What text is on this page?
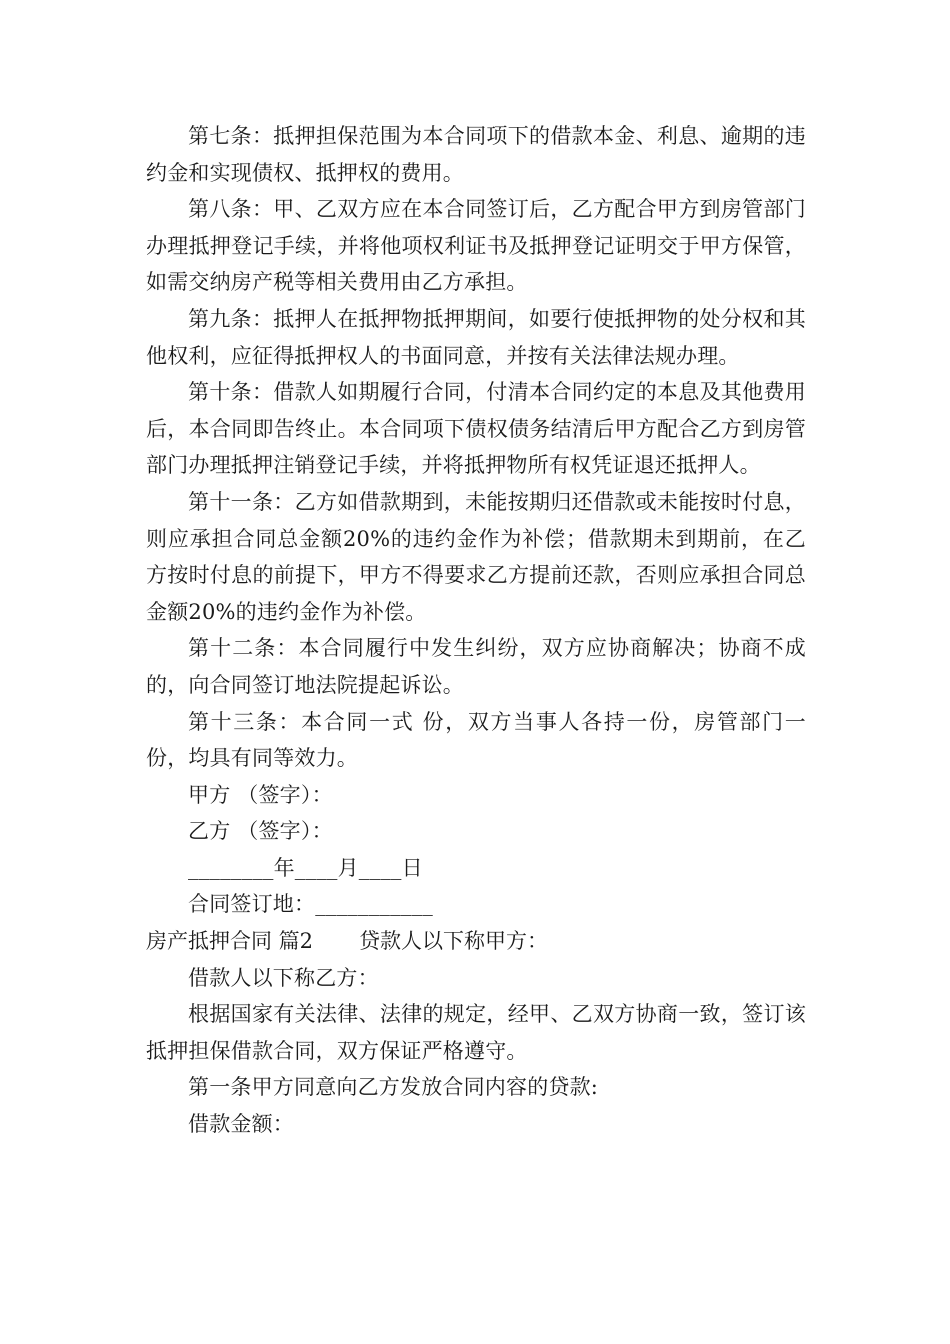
第七条：抵押担保范围为本合同项下的借款本金、利息、逾期的违约金和实现债权、抵押权的费用。

第八条：甲、乙双方应在本合同签订后，乙方配合甲方到房管部门办理抵押登记手续，并将他项权利证书及抵押登记证明交于甲方保管，如需交纳房产税等相关费用由乙方承担。

第九条：抵押人在抵押物抵押期间，如要行使抵押物的处分权和其他权利，应征得抵押权人的书面同意，并按有关法律法规办理。

第十条：借款人如期履行合同，付清本合同约定的本息及其他费用后，本合同即告终止。本合同项下债权债务结清后甲方配合乙方到房管部门办理抵押注销登记手续，并将抵押物所有权凭证退还抵押人。

第十一条：乙方如借款期到，未能按期归还借款或未能按时付息，则应承担合同总金额20%的违约金作为补偿；借款期未到期前，在乙方按时付息的前提下，甲方不得要求乙方提前还款，否则应承担合同总金额20%的违约金作为补偿。

第十二条：本合同履行中发生纠纷，双方应协商解决；协商不成的，向合同签订地法院提起诉讼。

第十三条：本合同一式 份，双方当事人各持一份，房管部门一份，均具有同等效力。

甲方 （签字）：

乙方 （签字）：

________年____月____日

合同签订地：___________

房产抵押合同 篇2 贷款人以下称甲方：

借款人以下称乙方：

根据国家有关法律、法律的规定，经甲、乙双方协商一致，签订该抵押担保借款合同，双方保证严格遵守。

第一条甲方同意向乙方发放合同内容的贷款:

借款金额：
